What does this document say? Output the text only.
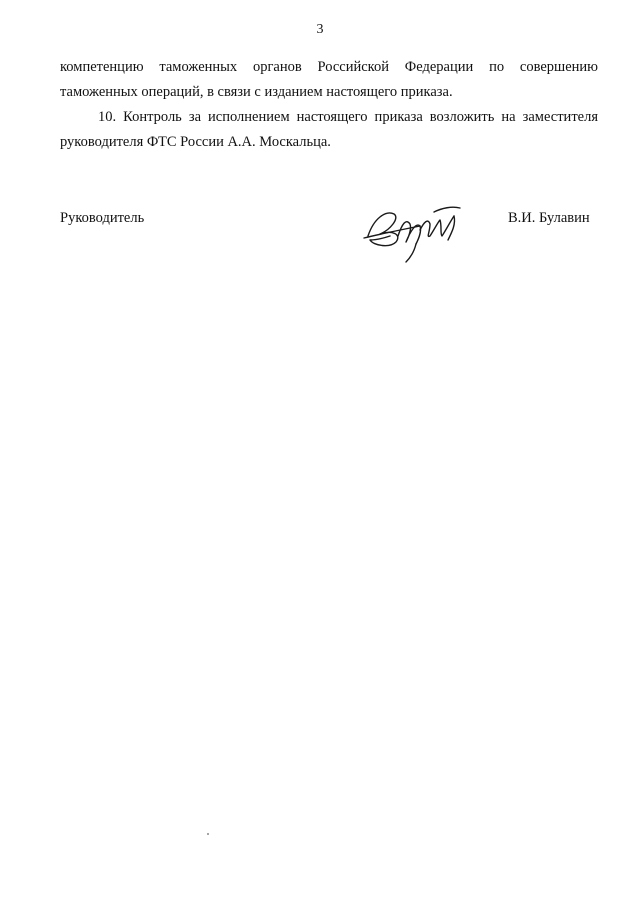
3

компетенцию таможенных органов Российской Федерации по совершению таможенных операций, в связи с изданием настоящего приказа.

10. Контроль за исполнением настоящего приказа возложить на заместителя руководителя ФТС России А.А. Москальца.

Руководитель	В.И. Булавин
